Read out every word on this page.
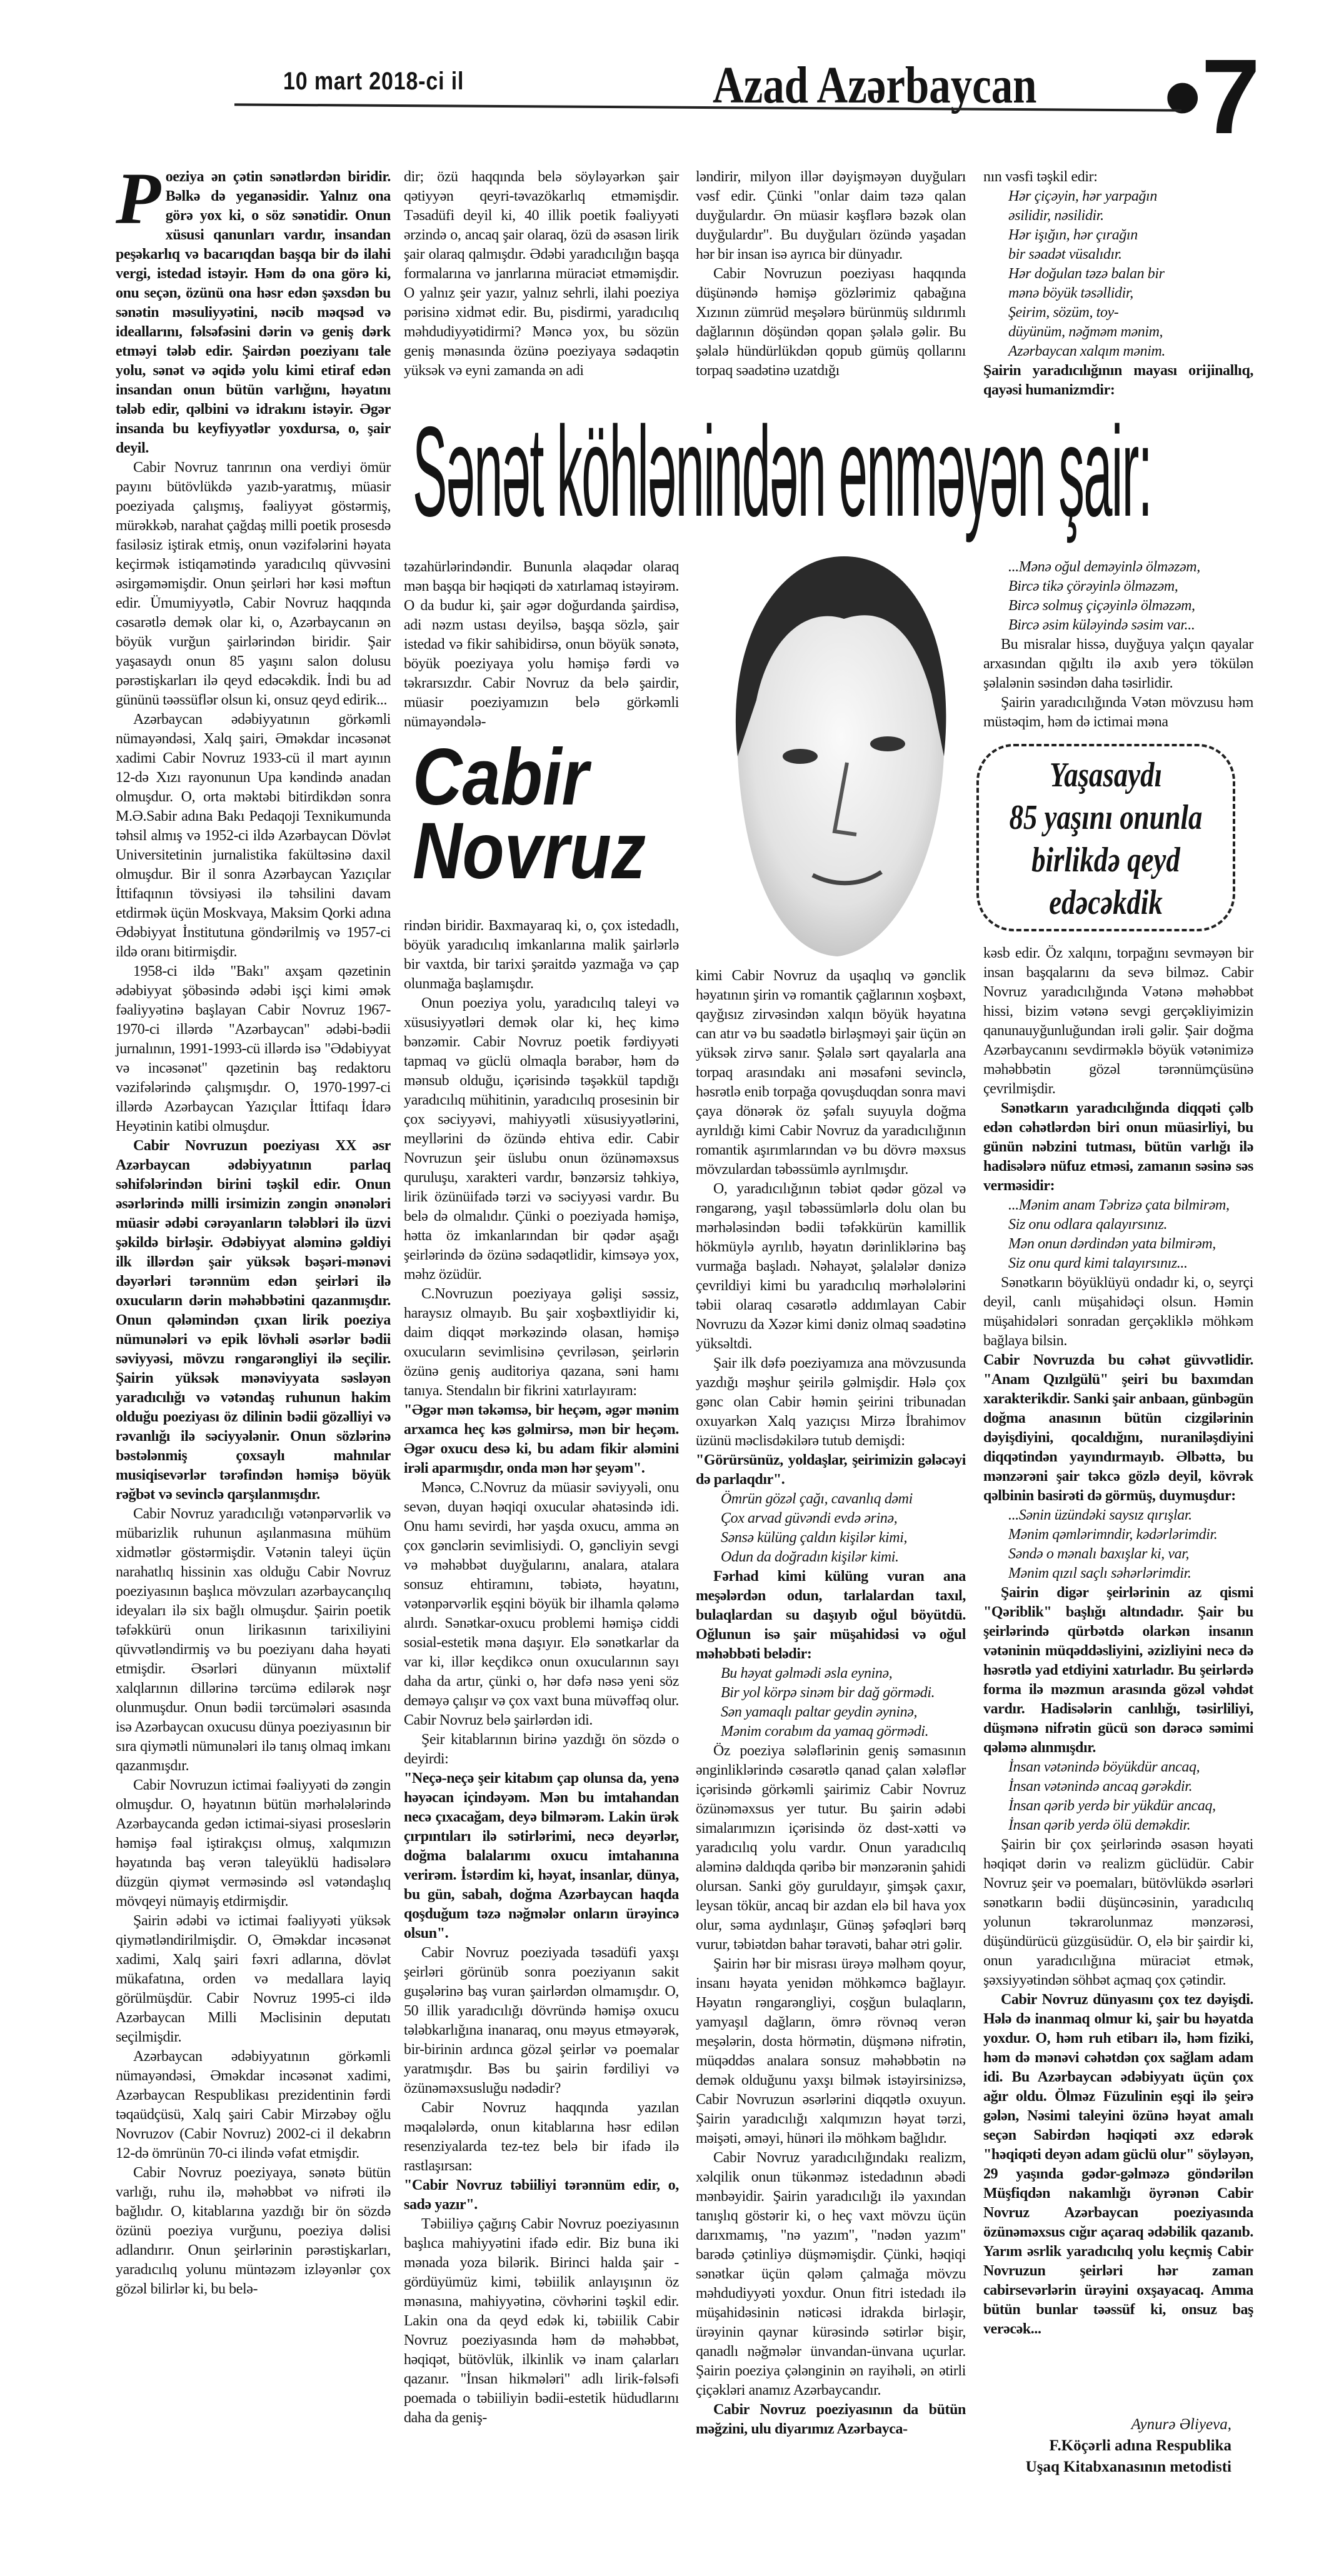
10 mart 2018-ci il	Azad Azərbaycan •7

Poeziya ən çətin sənətlərdən biridir. Bəlkə də yeganəsidir. Yalnız ona görə yox ki, o söz sənətidir. Onun xüsusi qanunları vardır, insandan peşəkarlıq və bacarıqdan başqa bir də ilahi vergi, istedad istəyir. Həm də ona görə ki, onu seçən, özünü ona həsr edən şəxsdən bu sənətin məsuliyyətini, nəcib məqsəd və ideallarını, fəlsəfəsini dərin və geniş dərk etməyi tələb edir. Şairdən poeziyanı tale yolu, sənət və əqidə yolu kimi etiraf edən insandan onun bütün varlığını, həyatını tələb edir, qəlbini və idrakını istəyir. Əgər insanda bu keyfiyyətlər yoxdursa, o, şair deyil.

Cabir Novruz tanrının ona verdiyi ömür payını bütövlükdə yazıb-yaratmış, müasir poeziyada çalışmış, fəaliyyət göstərmiş, mürəkkəb, narahat çağdaş milli poetik prosesdə fasiləsiz iştirak etmiş, onun vəzifələrini həyata keçirmək istiqamətində yaradıcılıq qüvvəsini əsirgəməmişdir. Onun şeirləri hər kəsi məftun edir. Ümumiyyətlə, Cabir Novruz haqqında cəsarətlə demək olar ki, o, Azərbaycanın ən böyük vurğun şairlərindən biridir. Şair yaşasaydı onun 85 yaşını salon dolusu pərəstişkarları ilə qeyd edəcəkdik. İndi bu ad gününü təəssüflər olsun ki, onsuz qeyd edirik...

Azərbaycan ədəbiyyatının görkəmli nümayəndəsi, Xalq şairi, Əməkdar incəsənət xadimi Cabir Novruz 1933-cü il mart ayının 12-də Xızı rayonunun Upa kəndində anadan olmuşdur. O, orta məktəbi bitirdikdən sonra M.Ə.Sabir adına Bakı Pedaqoji Texnikumunda təhsil almış və 1952-ci ildə Azərbaycan Dövlət Universitetinin jurnalistika fakültəsinə daxil olmuşdur. Bir il sonra Azərbaycan Yazıçılar İttifaqının tövsiyəsi ilə təhsilini davam etdirmək üçün Moskvaya, Maksim Qorki adına Ədəbiyyat İnstitutuna göndərilmiş və 1957-ci ildə oranı bitirmişdir.

1958-ci ildə "Bakı" axşam qəzetinin ədəbiyyat şöbəsində ədəbi işçi kimi əmək fəaliyyətinə başlayan Cabir Novruz 1967-1970-ci illərdə "Azərbaycan" ədəbi-bədii jurnalının, 1991-1993-cü illərdə isə "Ədəbiyyat və incəsənət" qəzetinin baş redaktoru vəzifələrində çalışmışdır. O, 1970-1997-ci illərdə Azərbaycan Yazıçılar İttifaqı İdarə Heyətinin katibi olmuşdur.

Cabir Novruzun poeziyası XX əsr Azərbaycan ədəbiyyatının parlaq səhifələrindən birini təşkil edir. Onun əsərlərində milli irsimizin zəngin ənənələri müasir ədəbi cərəyanların tələbləri ilə üzvi şəkildə birləşir. Ədəbiyyat aləminə gəldiyi ilk illərdən şair yüksək bəşəri-mənəvi dəyərləri tərənnüm edən şeirləri ilə oxucuların dərin məhəbbətini qazanmışdır. Onun qələmindən çıxan lirik poeziya nümunələri və epik lövhəli əsərlər bədii səviyyəsi, mövzu rəngarəngliyi ilə seçilir. Şairin yüksək mənəviyyata səsləyən yaradıcılığı və vətəndaş ruhunun hakim olduğu poeziyası öz dilinin bədii gözəlliyi və rəvanlığı ilə səciyyələnir. Onun sözlərinə bəstələnmiş çoxsaylı mahnılar musiqisevərlər tərəfindən həmişə böyük rəğbət və sevinclə qarşılanmışdır.

Cabir Novruz yaradıcılığı vətənpərvərlik və mübarizlik ruhunun aşılanmasına mühüm xidmətlər göstərmişdir. Vətənin taleyi üçün narahatlıq hissinin xas olduğu Cabir Novruz poeziyasının başlıca mövzuları azərbaycançılıq ideyaları ilə six bağlı olmuşdur. Şairin poetik təfəkkürü onun lirikasının tarixiliyini qüvvətləndirmiş və bu poeziyanı daha həyati etmişdir. Əsərləri dünyanın müxtəlif xalqlarının dillərinə tərcümə edilərək nəşr olunmuşdur. Onun bədii tərcümələri əsasında isə Azərbaycan oxucusu dünya poeziyasının bir sıra qiymətli nümunələri ilə tanış olmaq imkanı qazanmışdır.

Cabir Novruzun ictimai fəaliyyəti də zəngin olmuşdur. O, həyatının bütün mərhələlərində Azərbaycanda gedən ictimai-siyasi proseslərin həmişə fəal iştirakçısı olmuş, xalqımızın həyatında baş verən taleyüklü hadisələrə düzgün qiymət verməsində əsl vətəndaşlıq mövqeyi nümayiş etdirmişdir.

Şairin ədəbi və ictimai fəaliyyəti yüksək qiymətləndirilmişdir. O, Əməkdar incəsənət xadimi, Xalq şairi fəxri adlarına, dövlət mükafatına, orden və medallara layiq görülmüşdür. Cabir Novruz 1995-ci ildə Azərbaycan Milli Məclisinin deputatı seçilmişdir.

Azərbaycan ədəbiyyatının görkəmli nümayəndəsi, Əməkdar incəsənət xadimi, Azərbaycan Respublikası prezidentinin fərdi təqaüdçüsü, Xalq şairi Cabir Mirzəbəy oğlu Novruzov (Cabir Novruz) 2002-ci il dekabrın 12-də ömrünün 70-ci ilində vəfat etmişdir.

Cabir Novruz poeziyaya, sənətə bütün varlığı, ruhu ilə, məhəbbət və nifrəti ilə bağlıdır. O, kitablarına yazdığı bir ön sözdə özünü poeziya vurğunu, poeziya dəlisi adlandırır. Onun şeirlərinin pərəstişkarları, yaradıcılıq yolunu müntəzəm izləyənlər çox gözəl bilirlər ki, bu belə-

dir; özü haqqında belə söyləyərkən şair qətiyyən qeyri-təvazökarlıq etməmişdir. Təsadüfi deyil ki, 40 illik poetik fəaliyyəti ərzində o, ancaq şair olaraq, özü də əsasən lirik şair olaraq qalmışdır. Ədəbi yaradıcılığın başqa formalarına və janrlarına müraciət etməmişdir. O yalnız şeir yazır, yalnız sehrli, ilahi poeziya pərisinə xidmət edir. Bu, pisdirmi, yaradıcılıq məhdudiyyətidirmi? Məncə yox, bu sözün geniş mənasında özünə poeziyaya sədaqətin yüksək və eyni zamanda ən adi

ləndirir, milyon illər dəyişməyən duyğuları vəsf edir. Çünki "onlar daim təzə qalan duyğulardır. Ən müasir kəşflərə bəzək olan duyğulardır". Bu duyğuları özündə yaşadan hər bir insan isə ayrıca bir dünyadır.

Cabir Novruzun poeziyası haqqında düşünəndə həmişə gözlərimiz qabağına Xızının zümrüd meşələrə bürünmüş sıldırımlı dağlarının döşündən qopan şəlalə gəlir. Bu şəlalə hündürlükdən qopub gümüş qollarını torpaq səadətinə uzatdığı

nın vəsfi təşkil edir:

Hər çiçəyin, hər yarpağın
əsilidir, nəsilidir.
Hər işığın, hər çırağın
bir səadət vüsalıdır.
Hər doğulan təzə balan bir
mənə böyük təsəllidir,
Şeirim, sözüm, toy-
düyünüm, nəğməm mənim,
Azərbaycan xalqım mənim.

Şairin yaradıcılığının mayası orijinallıq, qayəsi humanizmdir:

Sənət köhlənindən enməyən şair:

təzahürlərindəndir. Bununla əlaqədar olaraq mən başqa bir həqiqəti də xatırlamaq istəyirəm. O da budur ki, şair əgər doğurdanda şairdisə, adi nəzm ustası deyilsə, başqa sözlə, şair istedad və fikir sahibidirsə, onun böyük sənətə, böyük poeziyaya yolu həmişə fərdi və təkrarsızdır. Cabir Novruz da belə şairdir, müasir poeziyamızın belə görkəmli nümayəndələ-

Cabir
Novruz

rindən biridir. Baxmayaraq ki, o, çox istedadlı, böyük yaradıcılıq imkanlarına malik şairlərlə bir vaxtda, bir tarixi şəraitdə yazmağa və çap olunmağa başlamışdır.

Onun poeziya yolu, yaradıcılıq taleyi və xüsusiyyətləri demək olar ki, heç kimə bənzəmir. Cabir Novruz poetik fərdiyyəti tapmaq və güclü olmaqla bərabər, həm də mənsub olduğu, içərisində təşəkkül tapdığı yaradıcılıq mühitinin, yaradıcılıq prosesinin bir çox səciyyəvi, mahiyyətli xüsusiyyətlərini, meyllərini də özündə ehtiva edir. Cabir Novruzun şeir üslubu onun özünəməxsus quruluşu, xarakteri vardır, bənzərsiz təhkiyə, lirik özünüifadə tərzi və səciyyəsi vardır. Bu belə də olmalıdır. Çünki o poeziyada həmişə, hətta öz imkanlarından bir qədər aşağı şeirlərində də özünə sədaqətlidir, kimsəyə yox, məhz özüdür.

C.Novruzun poeziyaya gəlişi səssiz, haraysız olmayıb. Bu şair xoşbəxtliyidir ki, daim diqqət mərkəzində olasan, həmişə oxucuların sevimlisinə çevriləsən, şeirlərin özünə geniş auditoriya qazana, səni hamı tanıya. Stendalın bir fikrini xatırlayıram:

"Əgər mən təkəmsə, bir heçəm, əgər mənim arxamca heç kəs gəlmirsə, mən bir heçəm. Əgər oxucu desə ki, bu adam fikir aləmini irəli aparmışdır, onda mən hər şeyəm".

Məncə, C.Novruz da müasir səviyyəli, onu sevən, duyan həqiqi oxucular əhatəsində idi. Onu hamı sevirdi, hər yaşda oxucu, amma ən çox gənclərin sevimlisiydi. O, gəncliyin sevgi və məhəbbət duyğularını, analara, atalara sonsuz ehtiramını, təbiətə, həyatını, vətənpərvərlik eşqini böyük bir ilhamla qələmə alırdı. Sənətkar-oxucu problemi həmişə ciddi sosial-estetik məna daşıyır. Elə sənətkarlar da var ki, illər keçdikcə onun oxucularının sayı daha da artır, çünki o, hər dəfə nəsə yeni söz deməyə çalışır və çox vaxt buna müvəffəq olur. Cabir Novruz belə şairlərdən idi.

Şeir kitablarının birinə yazdığı ön sözdə o deyirdi:

"Neçə-neçə şeir kitabım çap olunsa da, yenə həyəcan içindəyəm. Mən bu imtahandan necə çıxacağam, deyə bilmərəm. Lakin ürək çırpıntıları ilə sətirlərimi, necə deyərlər, doğma balalarımı oxucu imtahanına verirəm. İstərdim ki, həyat, insanlar, dünya, bu gün, sabah, doğma Azərbaycan haqda qoşduğum təzə nəğmələr onların ürəyincə olsun".

Cabir Novruz poeziyada təsadüfi yaxşı şeirləri görünüb sonra poeziyanın sakit guşələrinə baş vuran şairlərdən olmamışdır. O, 50 illik yaradıcılığı dövründə həmişə oxucu tələbkarlığına inanaraq, onu məyus etməyərək, bir-birinin ardınca gözəl şeirlər və poemalar yaratmışdır. Bəs bu şairin fərdiliyi və özünəməxsusluğu nədədir?

Cabir Novruz haqqında yazılan məqalələrdə, onun kitablarına həsr edilən resenziyalarda tez-tez belə bir ifadə ilə rastlaşırsan:

"Cabir Novruz təbiiliyi tərənnüm edir, o, sadə yazır".

Təbiiliyə çağırış Cabir Novruz poeziyasının başlıca mahiyyətini ifadə edir. Biz buna iki mənada yoza bilərik. Birinci halda şair - gördüyümüz kimi, təbiilik anlayışının öz mənasına, mahiyyətinə, cövhərini təşkil edir. Lakin ona da qeyd edək ki, təbiilik Cabir Novruz poeziyasında həm də məhəbbət, həqiqət, bütövlük, ilkinlik və inam çalarları qazanır. "İnsan hikmələri" adlı lirik-fəlsəfi poemada o təbiiliyin bədii-estetik hüdudlarını daha da geniş-

kimi Cabir Novruz da uşaqlıq və gənclik həyatının şirin və romantik çağlarının xoşbəxt, qayğısız zirvəsindən xalqın böyük həyatına can atır və bu səadətlə birləşməyi şair üçün ən yüksək zirvə sanır. Şəlalə sərt qayalarla ana torpaq arasındakı ani məsafəni sevinclə, həsrətlə enib torpağa qovuşduqdan sonra mavi çaya dönərək öz şəfalı suyuyla doğma ayrıldığı kimi Cabir Novruz da yaradıcılığının romantik aşırımlarından və bu dövrə məxsus mövzulardan təbəssümlə ayrılmışdır.

O, yaradıcılığının təbiət qədər gözəl və rəngarəng, yaşıl təbəssümlərlə dolu olan bu mərhələsindən bədii təfəkkürün kamillik hökmüylə ayrılıb, həyatın dərinliklərinə baş vurmağa başladı. Nəhayət, şəlalələr dənizə çevrildiyi kimi bu yaradıcılıq mərhələlərini təbii olaraq cəsarətlə addımlayan Cabir Novruzu da Xəzər kimi dəniz olmaq səadətinə yüksəltdi.

Şair ilk dəfə poeziyamıza ana mövzusunda yazdığı məşhur şeirilə gəlmişdir. Hələ çox gənc olan Cabir həmin şeirini tribunadan oxuyarkən Xalq yazıçısı Mirzə İbrahimov üzünü məclisdəkilərə tutub demişdi:

"Görürsünüz, yoldaşlar, şeirimizin gələcəyi də parlaqdır".

Ömrün gözəl çağı, cavanlıq dəmi
Çox arvad güvəndi evdə ərinə,
Sənsə külüng çaldın kişilər kimi,
Odun da doğradın kişilər kimi.

Fərhad kimi külüng vuran ana meşələrdən odun, tarlalardan taxıl, bulaqlardan su daşıyıb oğul böyütdü. Oğlunun isə şair müşahidəsi və oğul məhəbbəti belədir:

Bu həyat gəlmədi əsla eyninə,
Bir yol körpə sinəm bir dağ görmədi.
Sən yamaqlı paltar geydin əyninə,
Mənim corabım da yamaq görmədi.

Öz poeziya sələflərinin geniş səmasının ənginliklərində cəsarətlə qanad çalan xələflər içərisində görkəmli şairimiz Cabir Novruz özünəməxsus yer tutur. Bu şairin ədəbi simalarımızın içərisində öz dəst-xətti və yaradıcılıq yolu vardır. Onun yaradıcılıq aləminə daldıqda qəribə bir mənzərənin şahidi olursan. Sanki göy guruldayır, şimşək çaxır, leysan tökür, ancaq bir azdan elə bil hava yox olur, səma aydınlaşır, Günəş şəfəqləri bərq vurur, təbiətdən bahar təravəti, bahar ətri gəlir.

Şairin hər bir misrası ürəyə məlhəm qoyur, insanı həyata yenidən möhkəmcə bağlayır. Həyatın rəngarəngliyi, coşğun bulaqların, yamyaşıl dağların, ömrə rövnəq verən meşələrin, dosta hörmətin, düşmənə nifrətin, müqəddəs analara sonsuz məhəbbətin nə demək olduğunu yaxşı bilmək istəyirsinizsə, Cabir Novruzun əsərlərini diqqətlə oxuyun. Şairin yaradıcılığı xalqımızın həyat tərzi, məişəti, əməyi, hünəri ilə möhkəm bağlıdır.

Cabir Novruz yaradıcılığındakı realizm, xəlqilik onun tükənməz istedadının əbədi mənbəyidir. Şairin yaradıcılığı ilə yaxından tanışlıq göstərir ki, o heç vaxt mövzu üçün darıxmamış, "nə yazım", "nədən yazım" barədə çətinliyə düşməmişdir. Çünki, həqiqi sənətkar üçün qələm çalmağa mövzu məhdudiyyəti yoxdur. Onun fitri istedadı ilə müşahidəsinin nəticəsi idrakda birləşir, ürəyinin qaynar kürəsində sətirlər bişir, qanadlı nəğmələr ünvandan-ünvana uçurlar. Şairin poeziya çələnginin ən rayihəli, ən ətirli çiçəkləri anamız Azərbaycandır.

Cabir Novruz poeziyasının da bütün məğzini, ulu diyarımız Azərbayca-

...Mənə oğul deməyinlə ölməzəm,
Bircə tikə çörəyinlə ölməzəm,
Bircə solmuş çiçəyinlə ölməzəm,
Bircə əsim küləyində səsim var...

Bu misralar hissə, duyğuya yalçın qayalar arxasından qığıltı ilə axıb yerə tökülən şəlalənin səsindən daha təsirlidir.

Şairin yaradıcılığında Vətən mövzusu həm müstəqim, həm də ictimai məna

Yaşasaydı
85 yaşını onunla
birlikdə qeyd
edəcəkdik

kəsb edir. Öz xalqını, torpağını sevməyən bir insan başqalarını da sevə bilməz. Cabir Novruz yaradıcılığında Vətənə məhəbbət hissi, bizim vətənə sevgi gerçəkliyimizin qanunauyğunluğundan irəli gəlir. Şair doğma Azərbaycanını sevdirməklə böyük vətənimizə məhəbbətin gözəl tərənnümçüsünə çevrilmişdir.

Sənətkarın yaradıcılığında diqqəti çəlb edən cəhətlərdən biri onun müasirliyi, bu günün nəbzini tutması, bütün varlığı ilə hadisələrə nüfuz etməsi, zamanın səsinə səs verməsidir:

...Mənim anam Təbrizə çata bilmirəm,
Siz onu odlara qalayırsınız.
Mən onun dərdindən yata bilmirəm,
Siz onu qurd kimi talayırsınız...

Sənətkarın böyüklüyü ondadır ki, o, seyrçi deyil, canlı müşahidəçi olsun. Həmin müşahidələri sonradan gerçəkliklə möhkəm bağlaya bilsin.

Cabir Novruzda bu cəhət güvvətlidir. "Anam Qızılgülü" şeiri bu baxımdan xarakterikdir. Sanki şair anbaan, günbəgün doğma anasının bütün cizgilərinin dəyişdiyini, qocaldığını, nuraniləşdiyini diqqətindən yayındırmayıb. Əlbəttə, bu mənzərəni şair təkcə gözlə deyil, kövrək qəlbinin basirəti də görmüş, duymuşdur:

...Sənin üzündəki saysız qırışlar.
Mənim qəmlərimndir, kədərlərimdir.
Səndə o mənalı baxışlar ki, var,
Mənim qızıl saçlı səhərlərimdir.

Şairin digər şeirlərinin az qismi "Qəriblik" başlığı altındadır. Şair bu şeirlərində qürbətdə olarkən insanın vətəninin müqəddəsliyini, əzizliyini necə də həsrətlə yad etdiyini xatırladır. Bu şeirlərdə forma ilə məzmun arasında gözəl vəhdət vardır. Hadisələrin canlılığı, təsirliliyi, düşmənə nifrətin gücü son dərəcə səmimi qələmə alınmışdır.

İnsan vətənində böyükdür ancaq,
İnsan vətənində ancaq gərəkdir.
İnsan qərib yerdə bir yükdür ancaq,
İnsan qərib yerdə ölü deməkdir.

Şairin bir çox şeirlərində əsasən həyati həqiqət dərin və realizm güclüdür. Cabir Novruz şeir və poemaları, bütövlükdə əsərləri sənətkarın bədii düşüncəsinin, yaradıcılıq yolunun təkrarolunmaz mənzərəsi, düşündürücü güzgüsüdür. O, elə bir şairdir ki, onun yaradıcılığına müraciət etmək, şəxsiyyətindən söhbət açmaq çox çətindir.

Cabir Novruz dünyasını çox tez dəyişdi. Hələ də inanmaq olmur ki, şair bu həyatda yoxdur. O, həm ruh etibarı ilə, həm fiziki, həm də mənəvi cəhətdən çox sağlam adam idi. Bu Azərbaycan ədəbiyyatı üçün çox ağır oldu. Ölməz Füzulinin eşqi ilə şeirə gələn, Nəsimi taleyini özünə həyat amalı seçən Sabirdən həqiqəti əxz edərək "həqiqəti deyən adam güclü olur" söyləyən, 29 yaşında gədər-gəlməzə göndərilən Müşfiqdən nakamlığı öyrənən Cabir Novruz Azərbaycan poeziyasında özünəməxsus cığır açaraq ədəbilik qazanıb. Yarım əsrlik yaradıcılıq yolu keçmiş Cabir Novruzun şeirləri hər zaman cabirsevərlərin ürəyini oxşayacaq. Amma bütün bunlar təəssüf ki, onsuz baş verəcək...

Aynurə Əliyeva,
F.Köçərli adına Respublika
Uşaq Kitabxanasının metodisti
